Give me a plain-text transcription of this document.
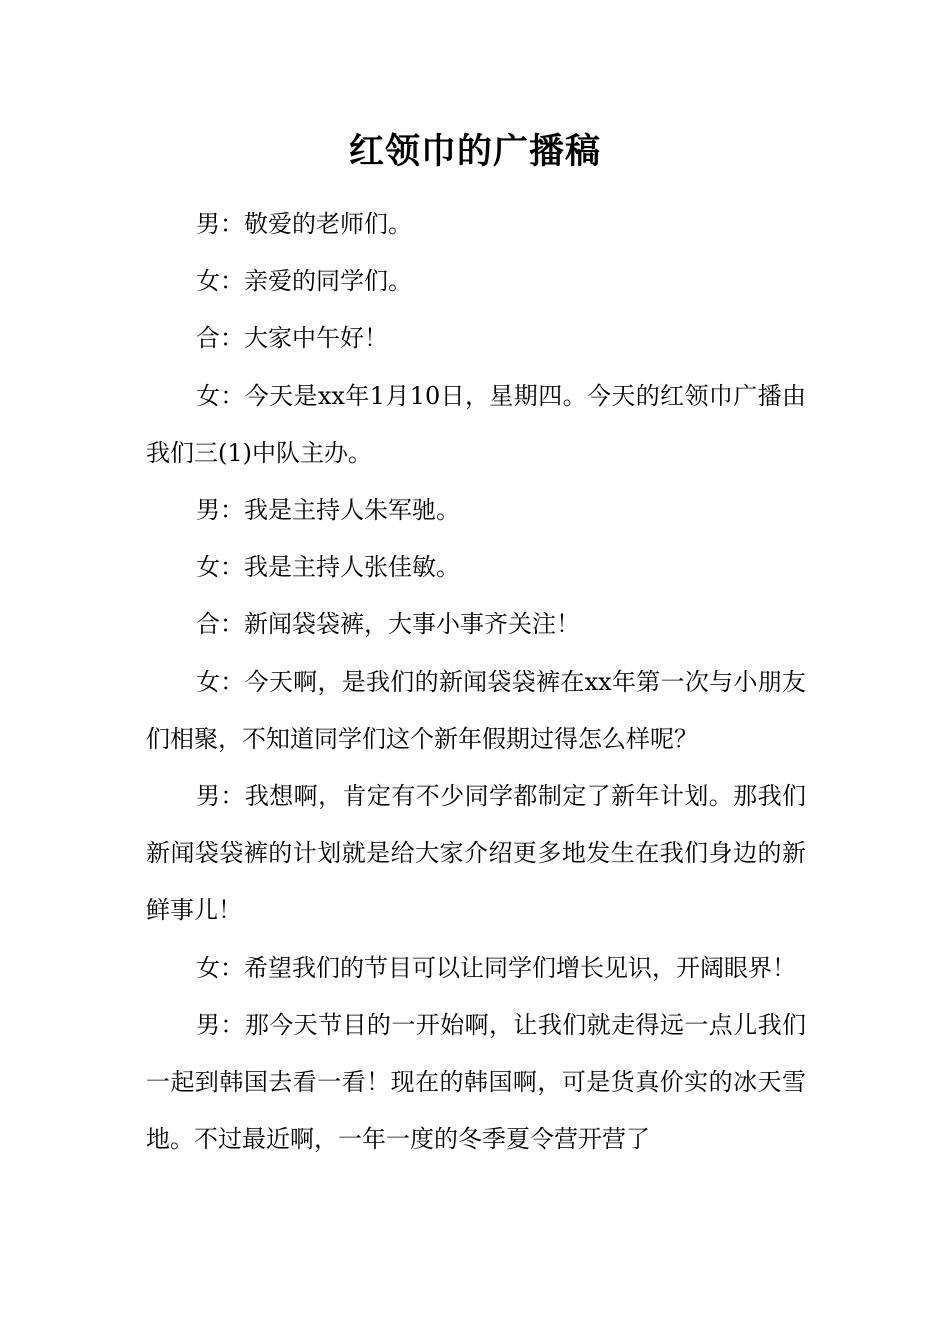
红领巾的广播稿

男：敬爱的老师们。

女：亲爱的同学们。

合：大家中午好！

女：今天是xx年1月10日，星期四。今天的红领巾广播由我们三(1)中队主办。

男：我是主持人朱军驰。

女：我是主持人张佳敏。

合：新闻袋袋裤，大事小事齐关注！

女：今天啊，是我们的新闻袋袋裤在xx年第一次与小朋友们相聚，不知道同学们这个新年假期过得怎么样呢？

男：我想啊，肯定有不少同学都制定了新年计划。那我们新闻袋袋裤的计划就是给大家介绍更多地发生在我们身边的新鲜事儿！

女：希望我们的节目可以让同学们增长见识，开阔眼界！

男：那今天节目的一开始啊，让我们就走得远一点儿我们一起到韩国去看一看！现在的韩国啊，可是货真价实的冰天雪地。不过最近啊，一年一度的冬季夏令营开营了
